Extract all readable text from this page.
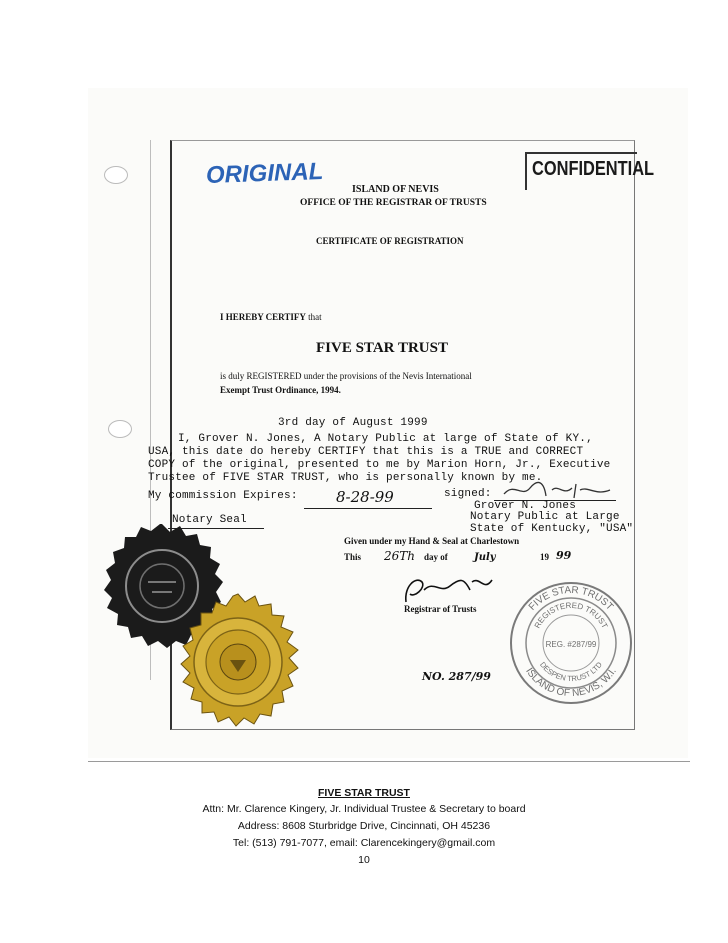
ORIGINAL	CONFIDENTIAL
ISLAND OF NEVIS
OFFICE OF THE REGISTRAR OF TRUSTS
CERTIFICATE OF REGISTRATION
I HEREBY CERTIFY that
FIVE STAR TRUST
is duly REGISTERED under the provisions of the Nevis International
Exempt Trust Ordinance, 1994.
3rd day of August 1999
I, Grover N. Jones, A Notary Public at large of State of KY.,
USA, this date do hereby CERTIFY that this is a TRUE and CORRECT
COPY of the original, presented to me by Marion Horn, Jr., Executive
Trustee of FIVE STAR TRUST, who is personally known by me.
My commission Expires:	8-28-99	signed:
Grover N. Jones
Notary Public at Large
State of Kentucky, "USA"
Notary Seal
Given under my Hand & Seal at Charlestown
This 26Th day of	July	19 99
Registrar of Trusts
NO. 287/99
FIVE STAR TRUST
REGISTERED TRUST
REG. #287/99
DESPEN TRUST LTD
ISLAND OF NEVIS, W.I.
FIVE STAR TRUST
Attn: Mr. Clarence Kingery, Jr. Individual Trustee & Secretary to board
Address: 8608 Sturbridge Drive, Cincinnati, OH 45236
Tel: (513) 791-7077, email: Clarencekingery@gmail.com
10
